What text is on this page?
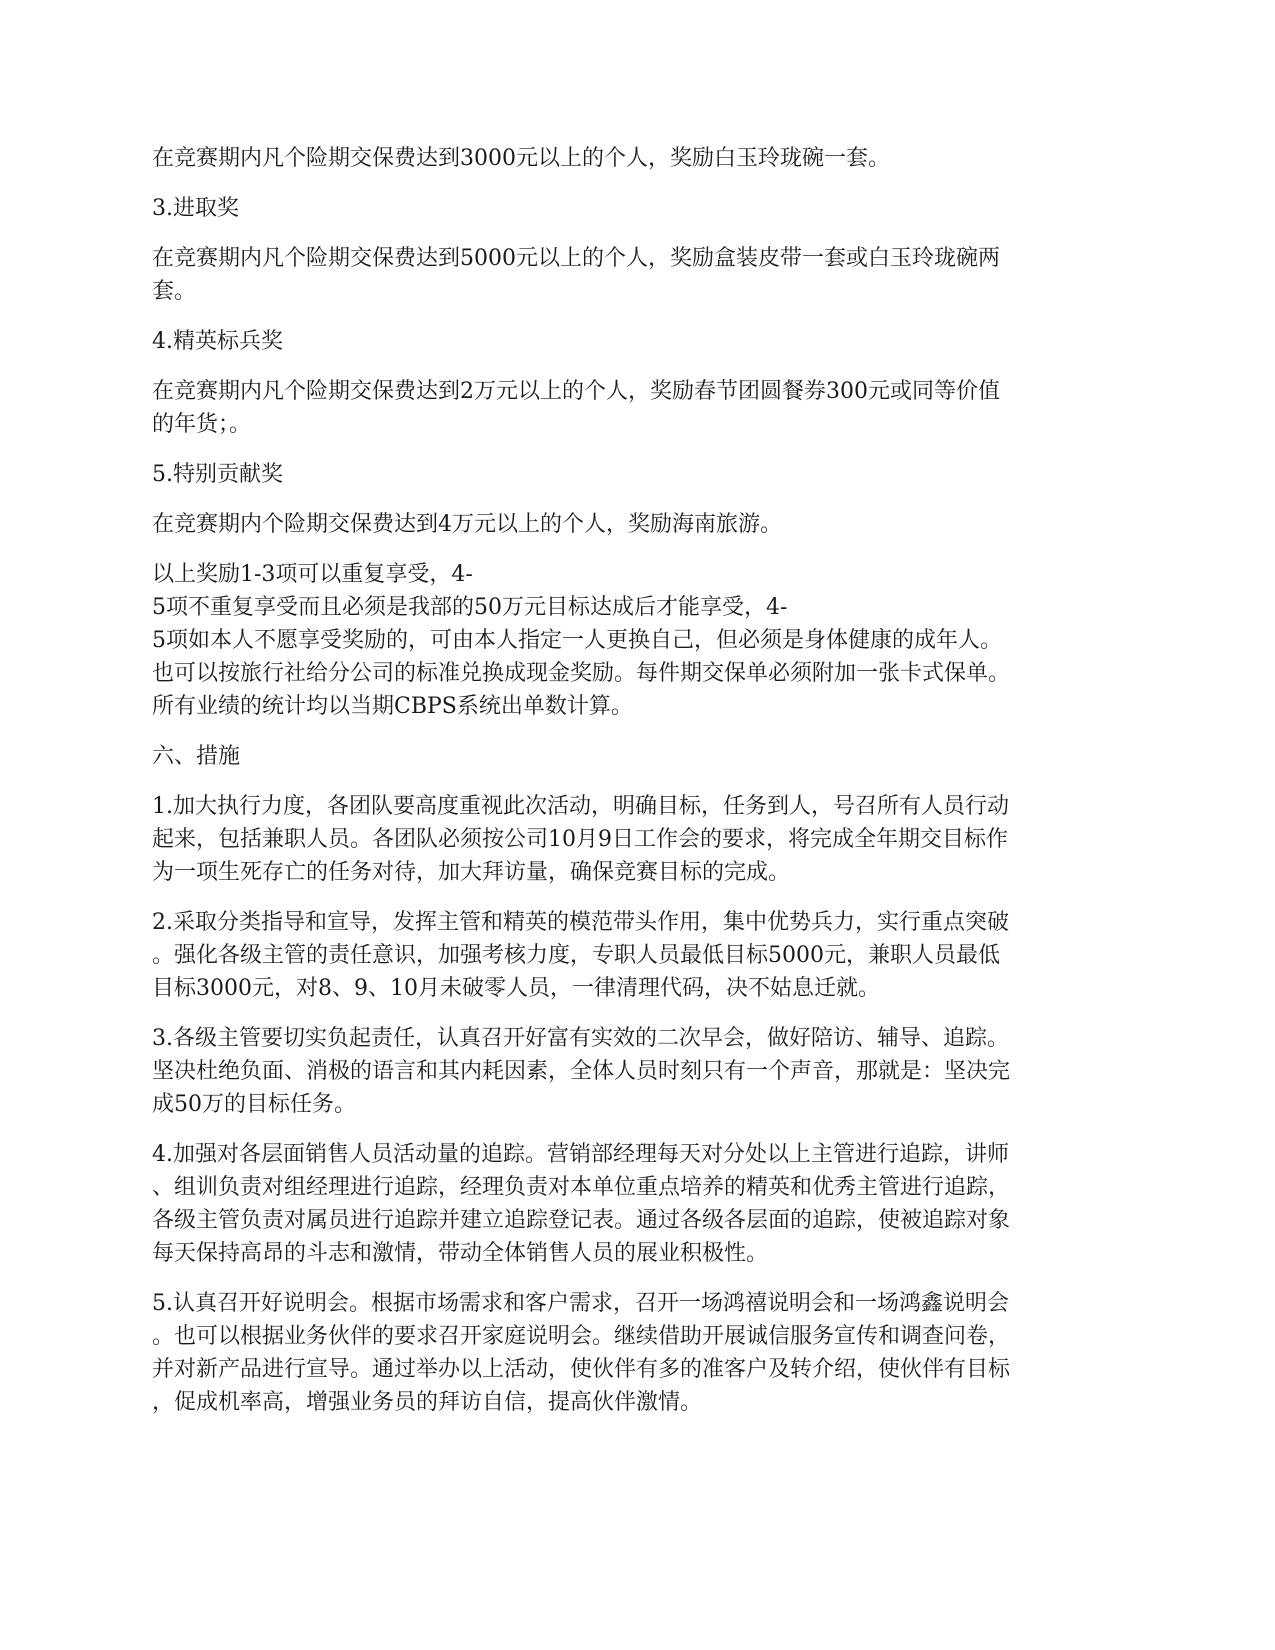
在竞赛期内凡个险期交保费达到3000元以上的个人，奖励白玉玲珑碗一套。

3.进取奖

在竞赛期内凡个险期交保费达到5000元以上的个人，奖励盒装皮带一套或白玉玲珑碗两
套。

4.精英标兵奖

在竞赛期内凡个险期交保费达到2万元以上的个人，奖励春节团圆餐券300元或同等价值
的年货；。

5.特别贡献奖

在竞赛期内个险期交保费达到4万元以上的个人，奖励海南旅游。

以上奖励1-3项可以重复享受，4-
5项不重复享受而且必须是我部的50万元目标达成后才能享受，4-
5项如本人不愿享受奖励的，可由本人指定一人更换自己，但必须是身体健康的成年人。
也可以按旅行社给分公司的标准兑换成现金奖励。每件期交保单必须附加一张卡式保单。
所有业绩的统计均以当期CBPS系统出单数计算。

六、措施

1.加大执行力度，各团队要高度重视此次活动，明确目标，任务到人，号召所有人员行动
起来，包括兼职人员。各团队必须按公司10月9日工作会的要求，将完成全年期交目标作
为一项生死存亡的任务对待，加大拜访量，确保竞赛目标的完成。

2.采取分类指导和宣导，发挥主管和精英的模范带头作用，集中优势兵力，实行重点突破
。强化各级主管的责任意识，加强考核力度，专职人员最低目标5000元，兼职人员最低
目标3000元，对8、9、10月未破零人员，一律清理代码，决不姑息迁就。

3.各级主管要切实负起责任，认真召开好富有实效的二次早会，做好陪访、辅导、追踪。
坚决杜绝负面、消极的语言和其内耗因素，全体人员时刻只有一个声音，那就是：坚决完
成50万的目标任务。

4.加强对各层面销售人员活动量的追踪。营销部经理每天对分处以上主管进行追踪，讲师
、组训负责对组经理进行追踪，经理负责对本单位重点培养的精英和优秀主管进行追踪，
各级主管负责对属员进行追踪并建立追踪登记表。通过各级各层面的追踪，使被追踪对象
每天保持高昂的斗志和激情，带动全体销售人员的展业积极性。

5.认真召开好说明会。根据市场需求和客户需求，召开一场鸿禧说明会和一场鸿鑫说明会
。也可以根据业务伙伴的要求召开家庭说明会。继续借助开展诚信服务宣传和调查问卷，
并对新产品进行宣导。通过举办以上活动，使伙伴有多的准客户及转介绍，使伙伴有目标
，促成机率高，增强业务员的拜访自信，提高伙伴激情。
